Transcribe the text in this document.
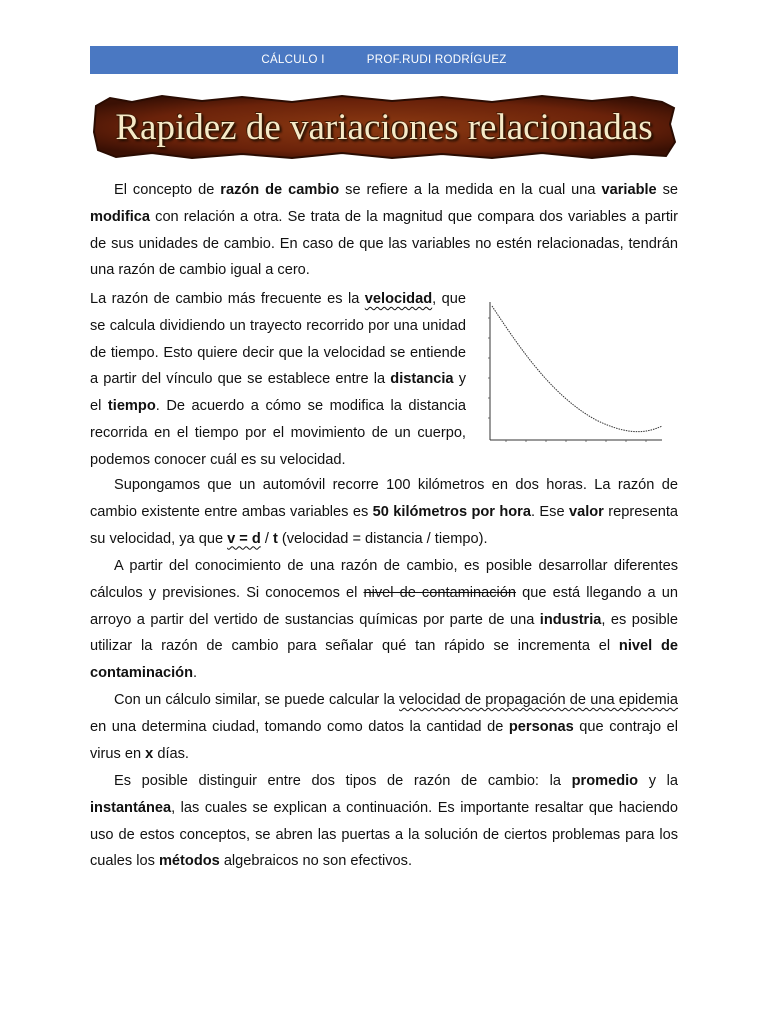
CÁLCULO I	PROF.RUDI RODRÍGUEZ
Rapidez de variaciones relacionadas

El concepto de razón de cambio se refiere a la medida en la cual una variable se modifica con relación a otra. Se trata de la magnitud que compara dos variables a partir de sus unidades de cambio. En caso de que las variables no estén relacionadas, tendrán una razón de cambio igual a cero.

La razón de cambio más frecuente es la velocidad, que se calcula dividiendo un trayecto recorrido por una unidad de tiempo. Esto quiere decir que la velocidad se entiende a partir del vínculo que se establece entre la distancia y el tiempo. De acuerdo a cómo se modifica la distancia recorrida en el tiempo por el movimiento de un cuerpo, podemos conocer cuál es su velocidad.

Supongamos que un automóvil recorre 100 kilómetros en dos horas. La razón de cambio existente entre ambas variables es 50 kilómetros por hora. Ese valor representa su velocidad, ya que v = d / t (velocidad = distancia / tiempo).

A partir del conocimiento de una razón de cambio, es posible desarrollar diferentes cálculos y previsiones. Si conocemos el nivel de contaminación que está llegando a un arroyo a partir del vertido de sustancias químicas por parte de una industria, es posible utilizar la razón de cambio para señalar qué tan rápido se incrementa el nivel de contaminación.

Con un cálculo similar, se puede calcular la velocidad de propagación de una epidemia en una determina ciudad, tomando como datos la cantidad de personas que contrajo el virus en x días.

Es posible distinguir entre dos tipos de razón de cambio: la promedio y la instantánea, las cuales se explican a continuación. Es importante resaltar que haciendo uso de estos conceptos, se abren las puertas a la solución de ciertos problemas para los cuales los métodos algebraicos no son efectivos.
